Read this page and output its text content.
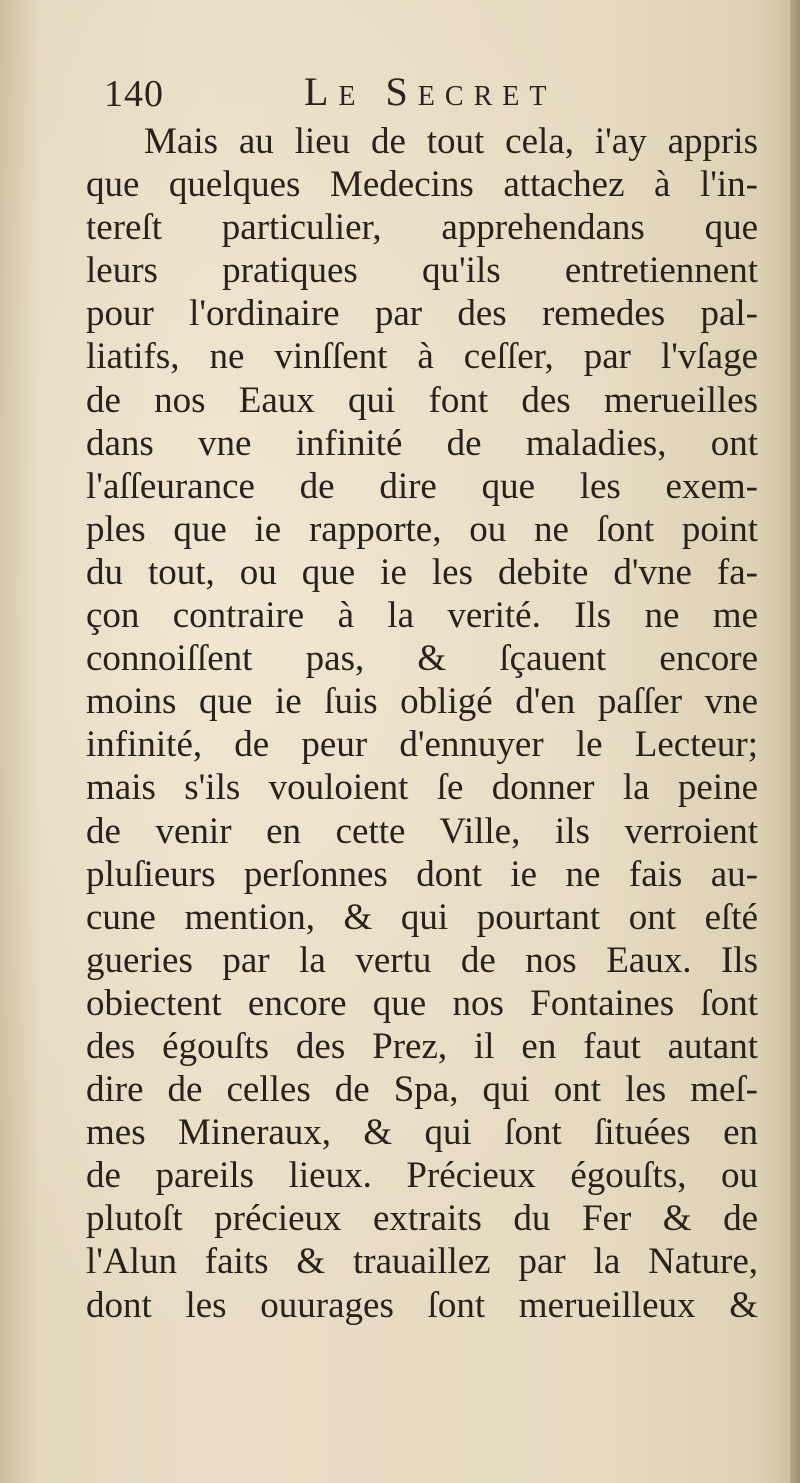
140	Le Secret
Mais au lieu de tout cela, i'ay appris
que quelques Medecins attachez à l'in-
tereſt particulier, apprehendans que
leurs pratiques qu'ils entretiennent
pour l'ordinaire par des remedes pal-
liatifs, ne vinſſent à ceſſer, par l'vſage
de nos Eaux qui font des merueilles
dans vne infinité de maladies, ont
l'aſſeurance de dire que les exem-
ples que ie rapporte, ou ne ſont point
du tout, ou que ie les debite d'vne fa-
çon contraire à la verité. Ils ne me
connoiſſent pas, & ſçauent encore
moins que ie ſuis obligé d'en paſſer vne
infinité, de peur d'ennuyer le Lecteur;
mais s'ils vouloient ſe donner la peine
de venir en cette Ville, ils verroient
pluſieurs perſonnes dont ie ne fais au-
cune mention, & qui pourtant ont eſté
gueries par la vertu de nos Eaux. Ils
obiectent encore que nos Fontaines ſont
des égouſts des Prez, il en faut autant
dire de celles de Spa, qui ont les meſ-
mes Mineraux, & qui ſont ſituées en
de pareils lieux. Précieux égouſts, ou
plutoſt précieux extraits du Fer & de
l'Alun faits & trauaillez par la Nature,
dont les ouurages ſont merueilleux &
